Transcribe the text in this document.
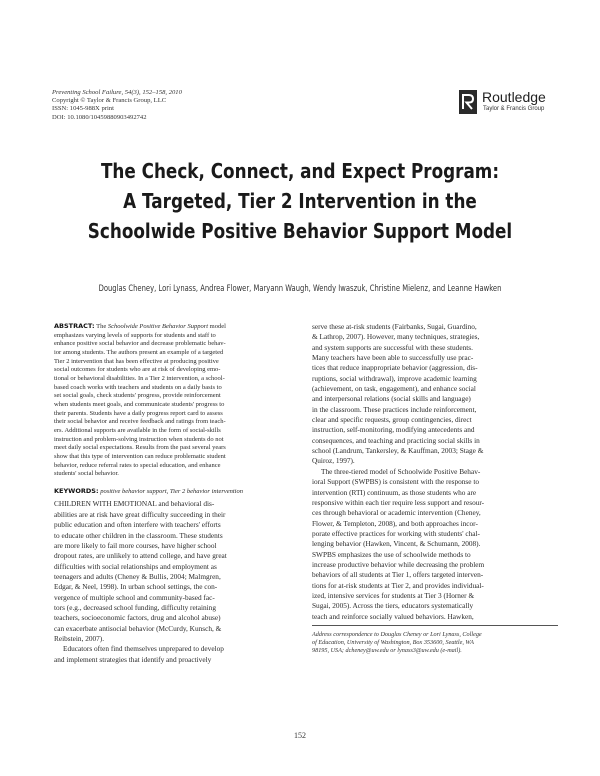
Preventing School Failure, 54(3), 152–158, 2010
Copyright © Taylor & Francis Group, LLC
ISSN: 1045-988X print
DOI: 10.1080/10459880903492742
Routledge
Taylor & Francis Group
The Check, Connect, and Expect Program:
A Targeted, Tier 2 Intervention in the
Schoolwide Positive Behavior Support Model
Douglas Cheney, Lori Lynass, Andrea Flower, Maryann Waugh, Wendy Iwaszuk, Christine Mielenz, and Leanne Hawken
ABSTRACT: The Schoolwide Positive Behavior Support model
emphasizes varying levels of supports for students and staff to
enhance positive social behavior and decrease problematic behav-
ior among students. The authors present an example of a targeted
Tier 2 intervention that has been effective at producing positive
social outcomes for students who are at risk of developing emo-
tional or behavioral disabilities. In a Tier 2 intervention, a school-
based coach works with teachers and students on a daily basis to
set social goals, check students' progress, provide reinforcement
when students meet goals, and communicate students' progress to
their parents. Students have a daily progress report card to assess
their social behavior and receive feedback and ratings from teach-
ers. Additional supports are available in the form of social-skills
instruction and problem-solving instruction when students do not
meet daily social expectations. Results from the past several years
show that this type of intervention can reduce problematic student
behavior, reduce referral rates to special education, and enhance
students' social behavior.
KEYWORDS: positive behavior support, Tier 2 behavior intervention
CHILDREN WITH EMOTIONAL and behavioral dis-
abilities are at risk have great difficulty succeeding in their
public education and often interfere with teachers' efforts
to educate other children in the classroom. These students
are more likely to fail more courses, have higher school
dropout rates, are unlikely to attend college, and have great
difficulties with social relationships and employment as
teenagers and adults (Cheney & Bullis, 2004; Malmgren,
Edgar, & Neel, 1998). In urban school settings, the con-
vergence of multiple school and community-based fac-
tors (e.g., decreased school funding, difficulty retaining
teachers, socioeconomic factors, drug and alcohol abuse)
can exacerbate antisocial behavior (McCurdy, Kunsch, &
Reibstein, 2007).
Educators often find themselves unprepared to develop
and implement strategies that identify and proactively
serve these at-risk students (Fairbanks, Sugai, Guardino,
& Lathrop, 2007). However, many techniques, strategies,
and system supports are successful with these students.
Many teachers have been able to successfully use prac-
tices that reduce inappropriate behavior (aggression, dis-
ruptions, social withdrawal), improve academic learning
(achievement, on task, engagement), and enhance social
and interpersonal relations (social skills and language)
in the classroom. These practices include reinforcement,
clear and specific requests, group contingencies, direct
instruction, self-monitoring, modifying antecedents and
consequences, and teaching and practicing social skills in
school (Landrum, Tankersley, & Kauffman, 2003; Stage &
Quiroz, 1997).
The three-tiered model of Schoolwide Positive Behav-
ioral Support (SWPBS) is consistent with the response to
intervention (RTI) continuum, as those students who are
responsive within each tier require less support and resour-
ces through behavioral or academic intervention (Cheney,
Flower, & Templeton, 2008), and both approaches incor-
porate effective practices for working with students' chal-
lenging behavior (Hawken, Vincent, & Schumann, 2008).
SWPBS emphasizes the use of schoolwide methods to
increase productive behavior while decreasing the problem
behaviors of all students at Tier 1, offers targeted interven-
tions for at-risk students at Tier 2, and provides individual-
ized, intensive services for students at Tier 3 (Horner &
Sugai, 2005). Across the tiers, educators systematically
teach and reinforce socially valued behaviors. Hawken,
Address correspondence to Douglas Cheney or Lori Lynass, College
of Education, University of Washington, Box 353600, Seattle, WA
98195, USA; dcheney@uw.edu or lynass3@uw.edu (e-mail).
152
